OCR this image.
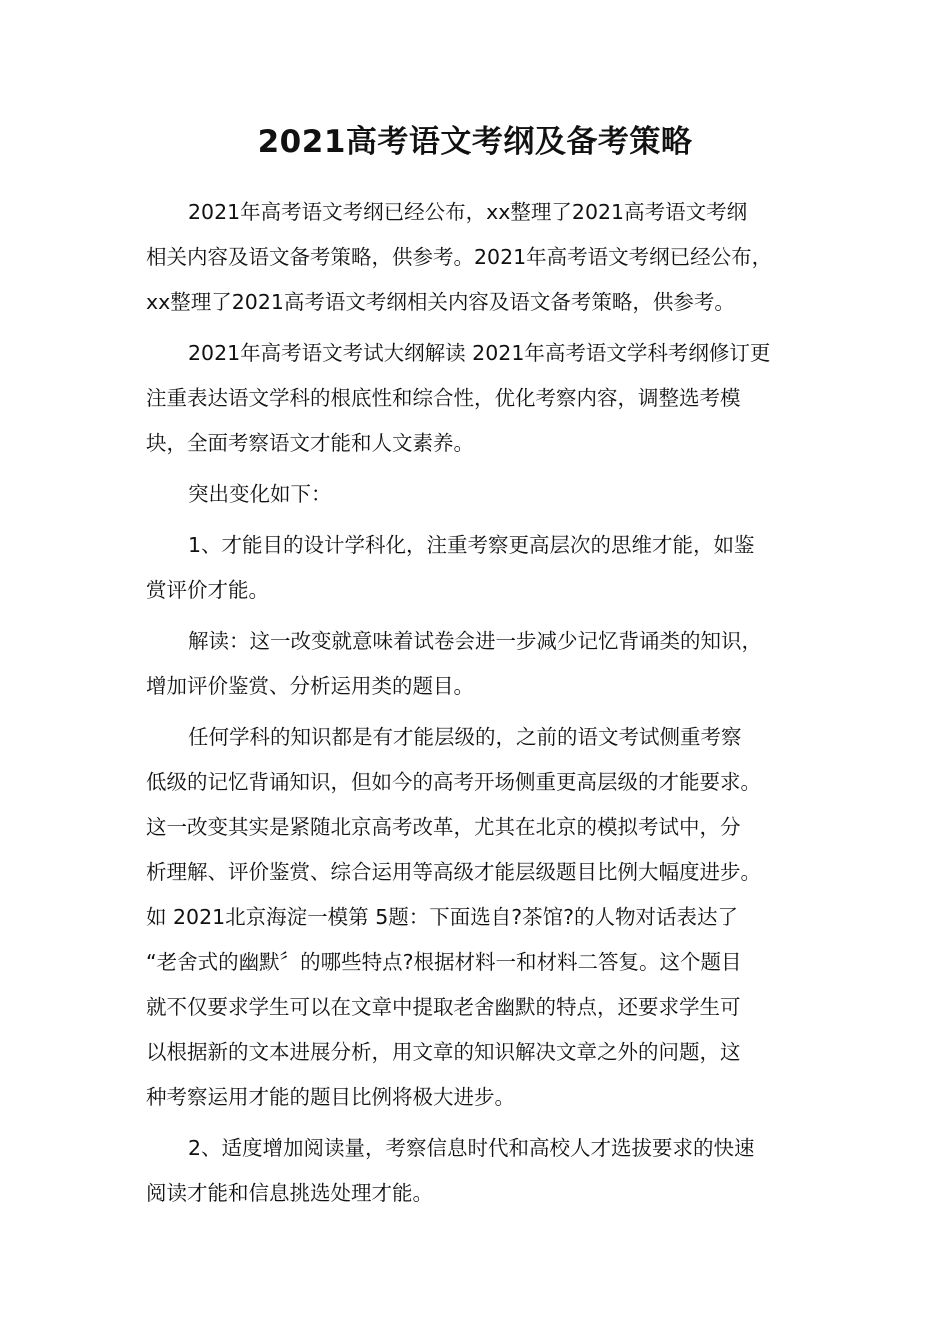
2021高考语文考纲及备考策略
2021年高考语文考纲已经公布，xx整理了2021高考语文考纲
相关内容及语文备考策略，供参考。2021年高考语文考纲已经公布，
xx整理了2021高考语文考纲相关内容及语文备考策略，供参考。
2021年高考语文考试大纲解读 2021年高考语文学科考纲修订更
注重表达语文学科的根底性和综合性，优化考察内容，调整选考模
块，全面考察语文才能和人文素养。
突出变化如下：
1、才能目的设计学科化，注重考察更高层次的思维才能，如鉴
赏评价才能。
解读：这一改变就意味着试卷会进一步减少记忆背诵类的知识，
增加评价鉴赏、分析运用类的题目。
任何学科的知识都是有才能层级的，之前的语文考试侧重考察
低级的记忆背诵知识，但如今的高考开场侧重更高层级的才能要求。
这一改变其实是紧随北京高考改革，尤其在北京的模拟考试中，分
析理解、评价鉴赏、综合运用等高级才能层级题目比例大幅度进步。
如 2021北京海淀一模第 5题：下面选自?茶馆?的人物对话表达了
“老舍式的幽默〞的哪些特点?根据材料一和材料二答复。这个题目
就不仅要求学生可以在文章中提取老舍幽默的特点，还要求学生可
以根据新的文本进展分析，用文章的知识解决文章之外的问题，这
种考察运用才能的题目比例将极大进步。
2、适度增加阅读量，考察信息时代和高校人才选拔要求的快速
阅读才能和信息挑选处理才能。
